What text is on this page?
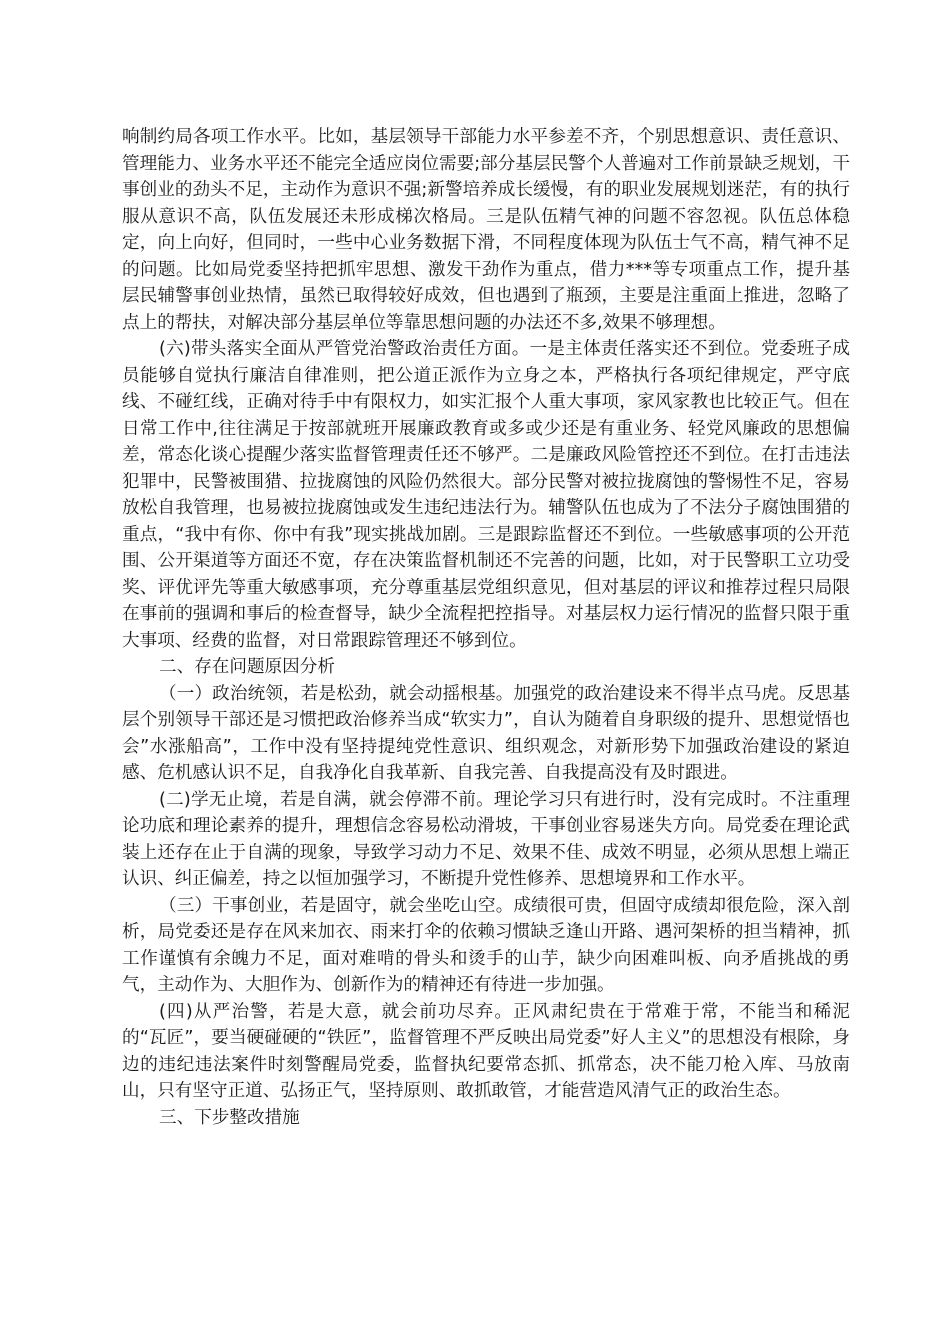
响制约局各项工作水平。比如，基层领导干部能力水平参差不齐，个别思想意识、责任意识、管理能力、业务水平还不能完全适应岗位需要;部分基层民警个人普遍对工作前景缺乏规划，干事创业的劲头不足，主动作为意识不强;新警培养成长缓慢，有的职业发展规划迷茫，有的执行服从意识不高，队伍发展还未形成梯次格局。三是队伍精气神的问题不容忽视。队伍总体稳定，向上向好，但同时，一些中心业务数据下滑，不同程度体现为队伍士气不高，精气神不足的问题。比如局党委坚持把抓牢思想、激发干劲作为重点，借力***等专项重点工作，提升基层民辅警事创业热情，虽然已取得较好成效，但也遇到了瓶颈，主要是注重面上推进，忽略了点上的帮扶，对解决部分基层单位等靠思想问题的办法还不多,效果不够理想。

(六)带头落实全面从严管党治警政治责任方面。一是主体责任落实还不到位。党委班子成员能够自觉执行廉洁自律准则，把公道正派作为立身之本，严格执行各项纪律规定，严守底线、不碰红线，正确对待手中有限权力，如实汇报个人重大事项，家风家教也比较正气。但在日常工作中,往往满足于按部就班开展廉政教育或多或少还是有重业务、轻党风廉政的思想偏差，常态化谈心提醒少落实监督管理责任还不够严。二是廉政风险管控还不到位。在打击违法犯罪中，民警被围猎、拉拢腐蚀的风险仍然很大。部分民警对被拉拢腐蚀的警惕性不足，容易放松自我管理，也易被拉拢腐蚀或发生违纪违法行为。辅警队伍也成为了不法分子腐蚀围猎的重点，“我中有你、你中有我”现实挑战加剧。三是跟踪监督还不到位。一些敏感事项的公开范围、公开渠道等方面还不宽，存在决策监督机制还不完善的问题，比如，对于民警职工立功受奖、评优评先等重大敏感事项，充分尊重基层党组织意见，但对基层的评议和推荐过程只局限在事前的强调和事后的检查督导，缺少全流程把控指导。对基层权力运行情况的监督只限于重大事项、经费的监督，对日常跟踪管理还不够到位。

二、存在问题原因分析

（一）政治统领，若是松劲，就会动摇根基。加强党的政治建设来不得半点马虎。反思基层个别领导干部还是习惯把政治修养当成“软实力”，自认为随着自身职级的提升、思想觉悟也会”水涨船高”，工作中没有坚持提纯党性意识、组织观念，对新形势下加强政治建设的紧迫感、危机感认识不足，自我净化自我革新、自我完善、自我提高没有及时跟进。

(二)学无止境，若是自满，就会停滞不前。理论学习只有进行时，没有完成时。不注重理论功底和理论素养的提升，理想信念容易松动滑坡，干事创业容易迷失方向。局党委在理论武装上还存在止于自满的现象，导致学习动力不足、效果不佳、成效不明显，必须从思想上端正认识、纠正偏差，持之以恒加强学习，不断提升党性修养、思想境界和工作水平。

（三）干事创业，若是固守，就会坐吃山空。成绩很可贵，但固守成绩却很危险，深入剖析，局党委还是存在风来加衣、雨来打伞的依赖习惯缺乏逢山开路、遇河架桥的担当精神，抓工作谨慎有余魄力不足，面对难啃的骨头和烫手的山芋，缺少向困难叫板、向矛盾挑战的勇气，主动作为、大胆作为、创新作为的精神还有待进一步加强。

(四)从严治警，若是大意，就会前功尽弃。正风肃纪贵在于常难于常，不能当和稀泥的“瓦匠”，要当硬碰硬的“铁匠”，监督管理不严反映出局党委”好人主义”的思想没有根除，身边的违纪违法案件时刻警醒局党委，监督执纪要常态抓、抓常态，决不能刀枪入库、马放南山，只有坚守正道、弘扬正气，坚持原则、敢抓敢管，才能营造风清气正的政治生态。

三、下步整改措施
